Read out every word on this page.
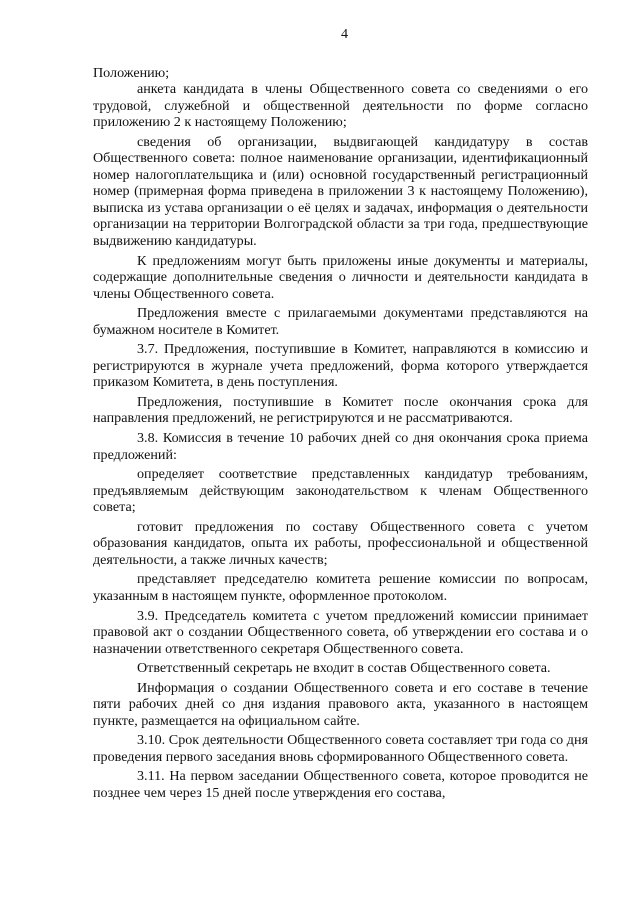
4

Положению;

анкета кандидата в члены Общественного совета со сведениями о его трудовой, служебной и общественной деятельности по форме согласно приложению 2 к настоящему Положению;

сведения об организации, выдвигающей кандидатуру в состав Общественного совета: полное наименование организации, идентификационный номер налогоплательщика и (или) основной государственный регистрационный номер (примерная форма приведена в приложении 3 к настоящему Положению), выписка из устава организации о её целях и задачах, информация о деятельности организации на территории Волгоградской области за три года, предшествующие выдвижению кандидатуры.

К предложениям могут быть приложены иные документы и материалы, содержащие дополнительные сведения о личности и деятельности кандидата в члены Общественного совета.

Предложения вместе с прилагаемыми документами представляются на бумажном носителе в Комитет.

3.7. Предложения, поступившие в Комитет, направляются в комиссию и регистрируются в журнале учета предложений, форма которого утверждается приказом Комитета, в день поступления.

Предложения, поступившие в Комитет после окончания срока для направления предложений, не регистрируются и не рассматриваются.

3.8. Комиссия в течение 10 рабочих дней со дня окончания срока приема предложений:

определяет соответствие представленных кандидатур требованиям, предъявляемым действующим законодательством к членам Общественного совета;

готовит предложения по составу Общественного совета с учетом образования кандидатов, опыта их работы, профессиональной и общественной деятельности, а также личных качеств;

представляет председателю комитета решение комиссии по вопросам, указанным в настоящем пункте, оформленное протоколом.

3.9. Председатель комитета с учетом предложений комиссии принимает правовой акт о создании Общественного совета, об утверждении его состава и о назначении ответственного секретаря Общественного совета.

Ответственный секретарь не входит в состав Общественного совета.

Информация о создании Общественного совета и его составе в течение пяти рабочих дней со дня издания правового акта, указанного в настоящем пункте, размещается на официальном сайте.

3.10. Срок деятельности Общественного совета составляет три года со дня проведения первого заседания вновь сформированного Общественного совета.

3.11. На первом заседании Общественного совета, которое проводится не позднее чем через 15 дней после утверждения его состава,
